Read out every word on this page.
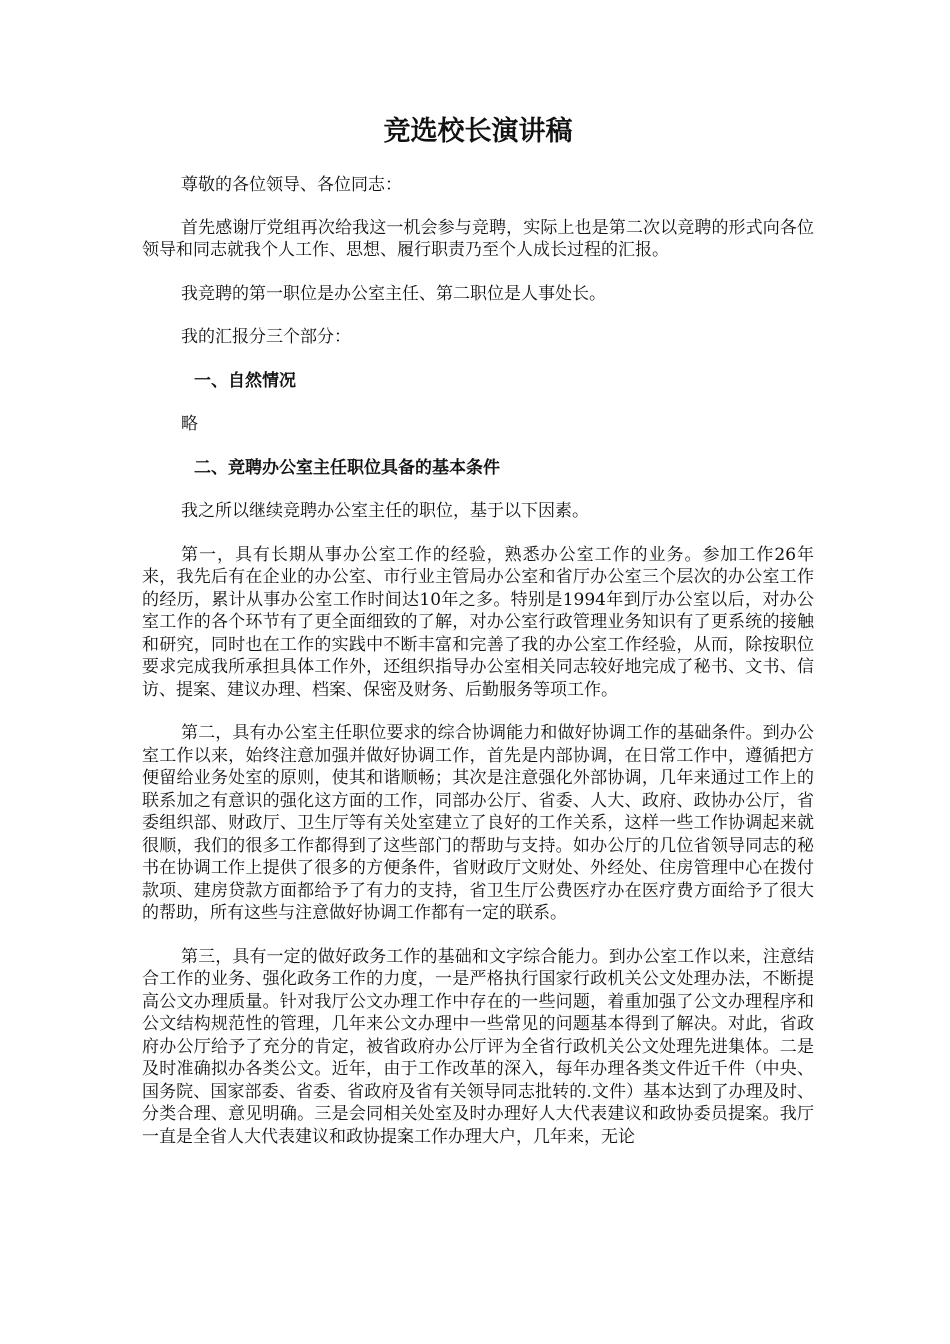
竞选校长演讲稿

尊敬的各位领导、各位同志：

首先感谢厅党组再次给我这一机会参与竞聘，实际上也是第二次以竞聘的形式向各位领导和同志就我个人工作、思想、履行职责乃至个人成长过程的汇报。

我竞聘的第一职位是办公室主任、第二职位是人事处长。

我的汇报分三个部分：

一、自然情况

略

二、竞聘办公室主任职位具备的基本条件

我之所以继续竞聘办公室主任的职位，基于以下因素。

第一，具有长期从事办公室工作的经验，熟悉办公室工作的业务。参加工作26年来，我先后有在企业的办公室、市行业主管局办公室和省厅办公室三个层次的办公室工作的经历，累计从事办公室工作时间达10年之多。特别是1994年到厅办公室以后，对办公室工作的各个环节有了更全面细致的了解，对办公室行政管理业务知识有了更系统的接触和研究，同时也在工作的实践中不断丰富和完善了我的办公室工作经验，从而，除按职位要求完成我所承担具体工作外，还组织指导办公室相关同志较好地完成了秘书、文书、信访、提案、建议办理、档案、保密及财务、后勤服务等项工作。

第二，具有办公室主任职位要求的综合协调能力和做好协调工作的基础条件。到办公室工作以来，始终注意加强并做好协调工作，首先是内部协调，在日常工作中，遵循把方便留给业务处室的原则，使其和谐顺畅；其次是注意强化外部协调，几年来通过工作上的联系加之有意识的强化这方面的工作，同部办公厅、省委、人大、政府、政协办公厅，省委组织部、财政厅、卫生厅等有关处室建立了良好的工作关系，这样一些工作协调起来就很顺，我们的很多工作都得到了这些部门的帮助与支持。如办公厅的几位省领导同志的秘书在协调工作上提供了很多的方便条件，省财政厅文财处、外经处、住房管理中心在拨付款项、建房贷款方面都给予了有力的支持，省卫生厅公费医疗办在医疗费方面给予了很大的帮助，所有这些与注意做好协调工作都有一定的联系。

第三，具有一定的做好政务工作的基础和文字综合能力。到办公室工作以来，注意结合工作的业务、强化政务工作的力度，一是严格执行国家行政机关公文处理办法，不断提高公文办理质量。针对我厅公文办理工作中存在的一些问题，着重加强了公文办理程序和公文结构规范性的管理，几年来公文办理中一些常见的问题基本得到了解决。对此，省政府办公厅给予了充分的肯定，被省政府办公厅评为全省行政机关公文处理先进集体。二是及时准确拟办各类公文。近年，由于工作改革的深入，每年办理各类文件近千件（中央、国务院、国家部委、省委、省政府及省有关领导同志批转的.文件）基本达到了办理及时、分类合理、意见明确。三是会同相关处室及时办理好人大代表建议和政协委员提案。我厅一直是全省人大代表建议和政协提案工作办理大户，几年来，无论
